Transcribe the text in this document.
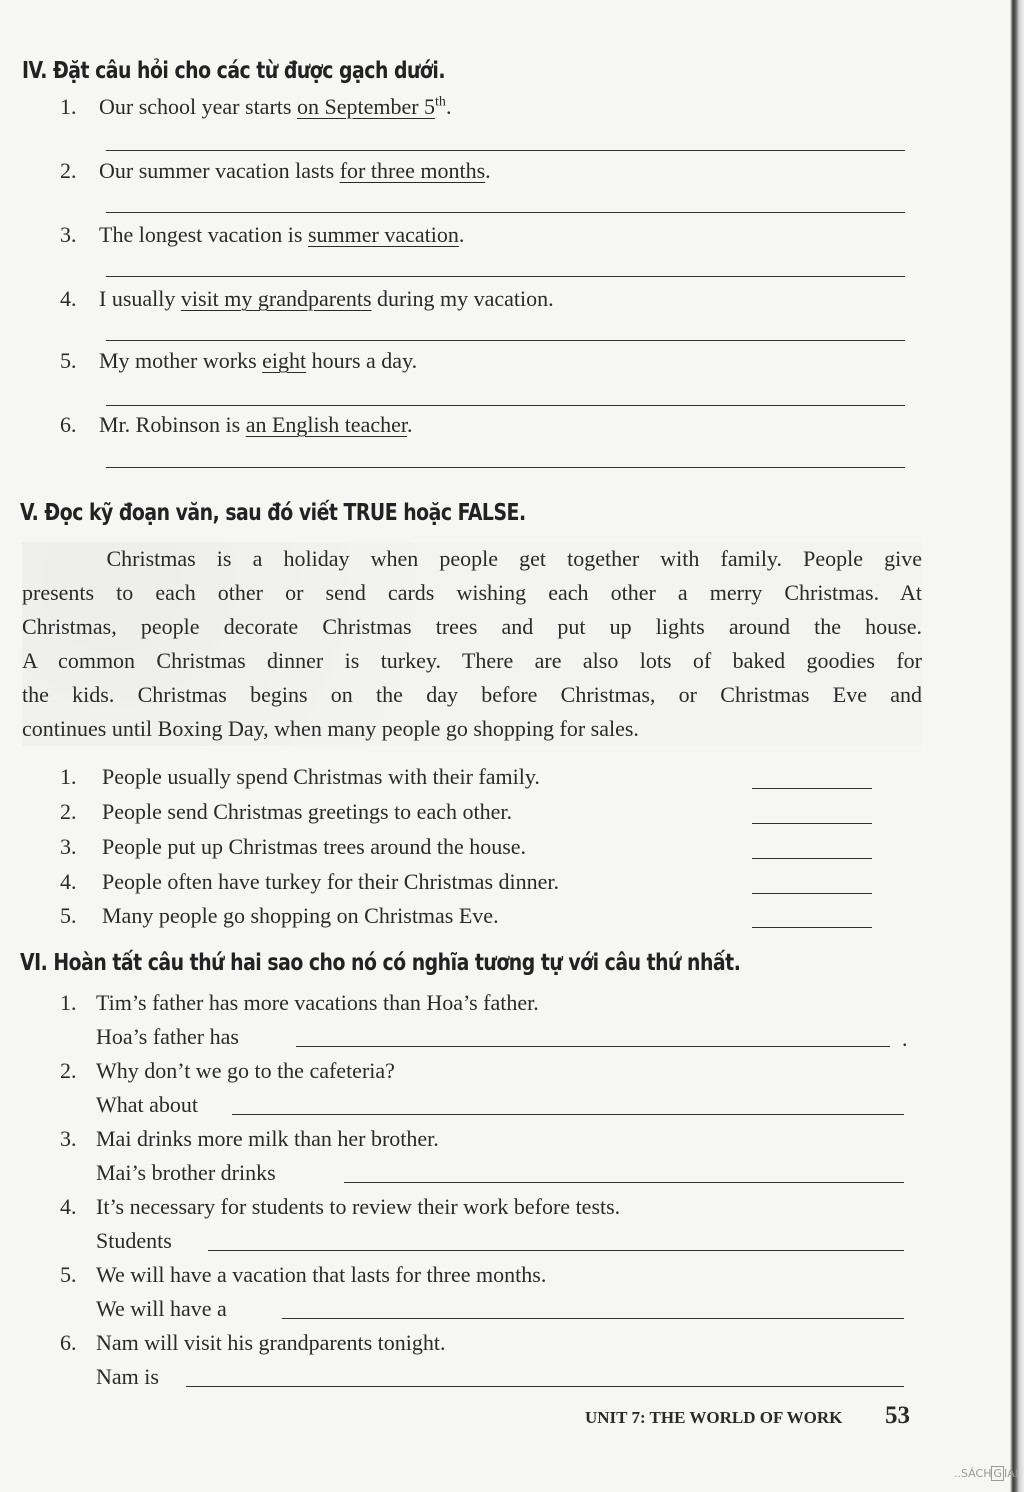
IV. Đặt câu hỏi cho các từ được gạch dưới.
1. Our school year starts on September 5th.
2. Our summer vacation lasts for three months.
3. The longest vacation is summer vacation.
4. I usually visit my grandparents during my vacation.
5. My mother works eight hours a day.
6. Mr. Robinson is an English teacher.
V. Đọc kỹ đoạn văn, sau đó viết TRUE hoặc FALSE.
Christmas is a holiday when people get together with family. People give
presents to each other or send cards wishing each other a merry Christmas. At
Christmas, people decorate Christmas trees and put up lights around the house.
A common Christmas dinner is turkey. There are also lots of baked goodies for
the kids. Christmas begins on the day before Christmas, or Christmas Eve and
continues until Boxing Day, when many people go shopping for sales.
1. People usually spend Christmas with their family.
2. People send Christmas greetings to each other.
3. People put up Christmas trees around the house.
4. People often have turkey for their Christmas dinner.
5. Many people go shopping on Christmas Eve.
VI. Hoàn tất câu thứ hai sao cho nó có nghĩa tương tự với câu thứ nhất.
1. Tim’s father has more vacations than Hoa’s father.
Hoa’s father has	.
2. Why don’t we go to the cafeteria?
What about
3. Mai drinks more milk than her brother.
Mai’s brother drinks
4. It’s necessary for students to review their work before tests.
Students
5. We will have a vacation that lasts for three months.
We will have a
6. Nam will visit his grandparents tonight.
Nam is
UNIT 7: THE WORLD OF WORK 53
..SÁCH G IẢI
